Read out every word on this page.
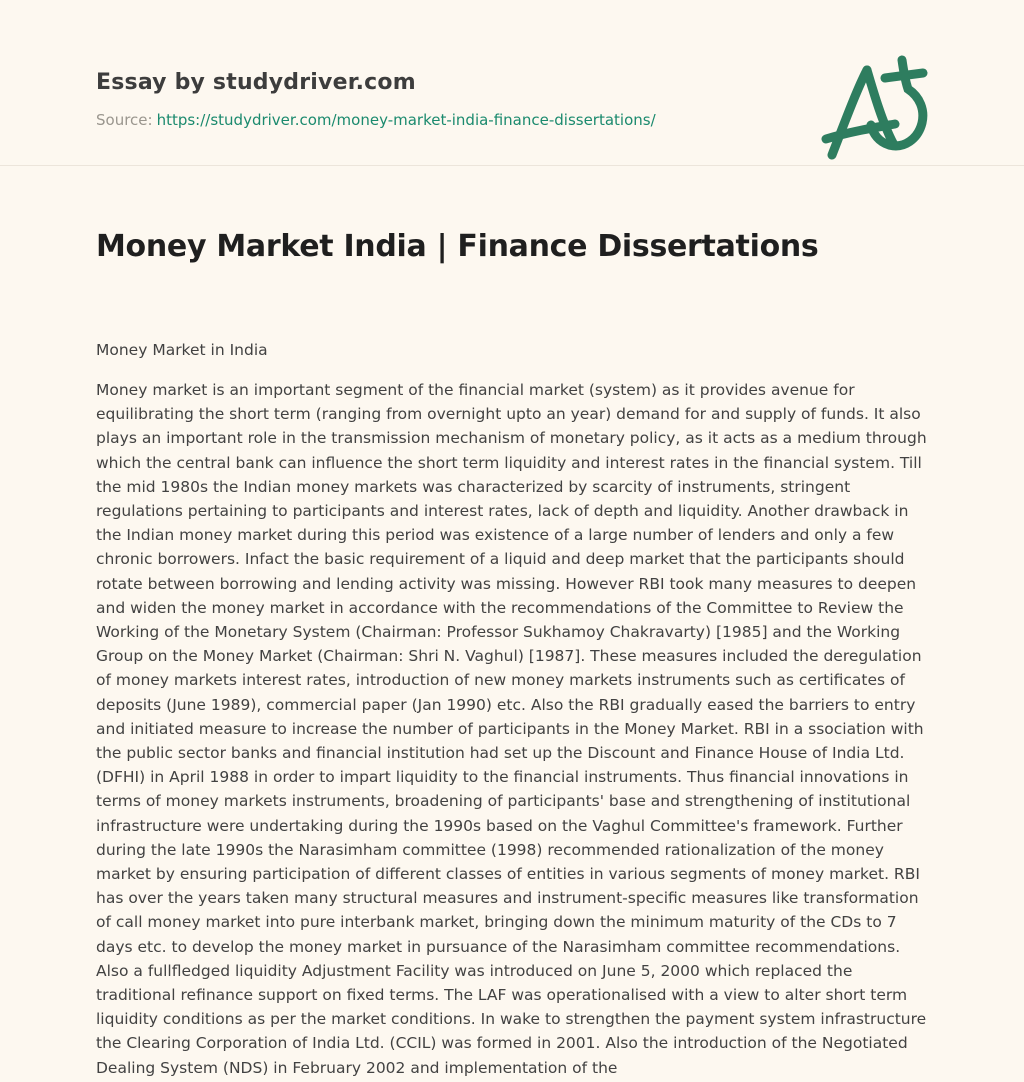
Essay by studydriver.com
Source: https://studydriver.com/money-market-india-finance-dissertations/
Money Market India | Finance Dissertations

Money Market in India

Money market is an important segment of the financial market (system) as it provides avenue for equilibrating the short term (ranging from overnight upto an year) demand for and supply of funds. It also plays an important role in the transmission mechanism of monetary policy, as it acts as a medium through which the central bank can influence the short term liquidity and interest rates in the financial system. Till the mid 1980s the Indian money markets was characterized by scarcity of instruments, stringent regulations pertaining to participants and interest rates, lack of depth and liquidity. Another drawback in the Indian money market during this period was existence of a large number of lenders and only a few chronic borrowers. Infact the basic requirement of a liquid and deep market that the participants should rotate between borrowing and lending activity was missing. However RBI took many measures to deepen and widen the money market in accordance with the recommendations of the Committee to Review the Working of the Monetary System (Chairman: Professor Sukhamoy Chakravarty) [1985] and the Working Group on the Money Market (Chairman: Shri N. Vaghul) [1987]. These measures included the deregulation of money markets interest rates, introduction of new money markets instruments such as certificates of deposits (June 1989), commercial paper (Jan 1990) etc. Also the RBI gradually eased the barriers to entry and initiated measure to increase the number of participants in the Money Market. RBI in a ssociation with the public sector banks and financial institution had set up the Discount and Finance House of India Ltd. (DFHI) in April 1988 in order to impart liquidity to the financial instruments. Thus financial innovations in terms of money markets instruments, broadening of participants' base and strengthening of institutional infrastructure were undertaking during the 1990s based on the Vaghul Committee's framework. Further during the late 1990s the Narasimham committee (1998) recommended rationalization of the money market by ensuring participation of different classes of entities in various segments of money market. RBI has over the years taken many structural measures and instrument-specific measures like transformation of call money market into pure interbank market, bringing down the minimum maturity of the CDs to 7 days etc. to develop the money market in pursuance of the Narasimham committee recommendations. Also a fullfledged liquidity Adjustment Facility was introduced on June 5, 2000 which replaced the traditional refinance support on fixed terms. The LAF was operationalised with a view to alter short term liquidity conditions as per the market conditions. In wake to strengthen the payment system infrastructure the Clearing Corporation of India Ltd. (CCIL) was formed in 2001. Also the introduction of the Negotiated Dealing System (NDS) in February 2002 and implementation of the
